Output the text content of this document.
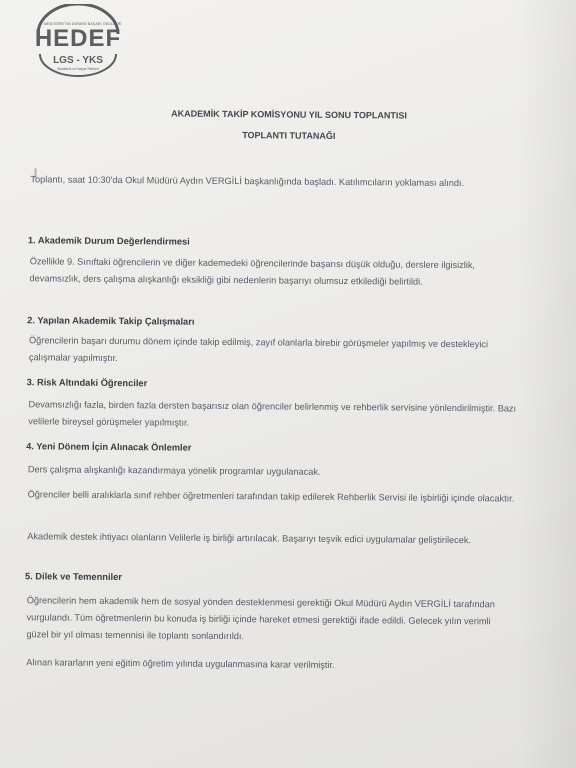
MEB ÖĞRETİM DÖNEMİ BAŞARI ÖDÜLLERİ
HEDEF
LGS - YKS
Akademik ve Kariyer Rehberi
AKADEMİK TAKİP KOMİSYONU YIL SONU TOPLANTISI
TOPLANTI TUTANAĞI
Toplantı, saat 10:30'da Okul Müdürü Aydın VERGİLİ başkanlığında başladı. Katılımcıların yoklaması alındı.
1. Akademik Durum Değerlendirmesi
Özellikle 9. Sınıftaki öğrencilerin ve diğer kademedeki öğrencilerinde başarısı düşük olduğu, derslere ilgisizlik, devamsızlık, ders çalışma alışkanlığı eksikliği gibi nedenlerin başarıyı olumsuz etkilediği belirtildi.
2. Yapılan Akademik Takip Çalışmaları
Öğrencilerin başarı durumu dönem içinde takip edilmiş, zayıf olanlarla birebir görüşmeler yapılmış ve destekleyici çalışmalar yapılmıştır.
3. Risk Altındaki Öğrenciler
Devamsızlığı fazla, birden fazla dersten başarısız olan öğrenciler belirlenmiş ve rehberlik servisine yönlendirilmiştir. Bazı velilerle bireysel görüşmeler yapılmıştır.
4. Yeni Dönem İçin Alınacak Önlemler
Ders çalışma alışkanlığı kazandırmaya yönelik programlar uygulanacak.
Öğrenciler belli aralıklarla sınıf rehber öğretmenleri tarafından takip edilerek Rehberlik Servisi ile işbirliği içinde olacaktır.
Akademik destek ihtiyacı olanların Velilerle iş birliği artırılacak. Başarıyı teşvik edici uygulamalar geliştirilecek.
5. Dilek ve Temenniler
Öğrencilerin hem akademik hem de sosyal yönden desteklenmesi gerektiği Okul Müdürü Aydın VERGİLİ tarafından vurgulandı. Tüm öğretmenlerin bu konuda iş birliği içinde hareket etmesi gerektiği ifade edildi. Gelecek yılın verimli güzel bir yıl olması temennisi ile toplantı sonlandırıldı.
Alınan kararların yeni eğitim öğretim yılında uygulanmasına karar verilmiştir.
